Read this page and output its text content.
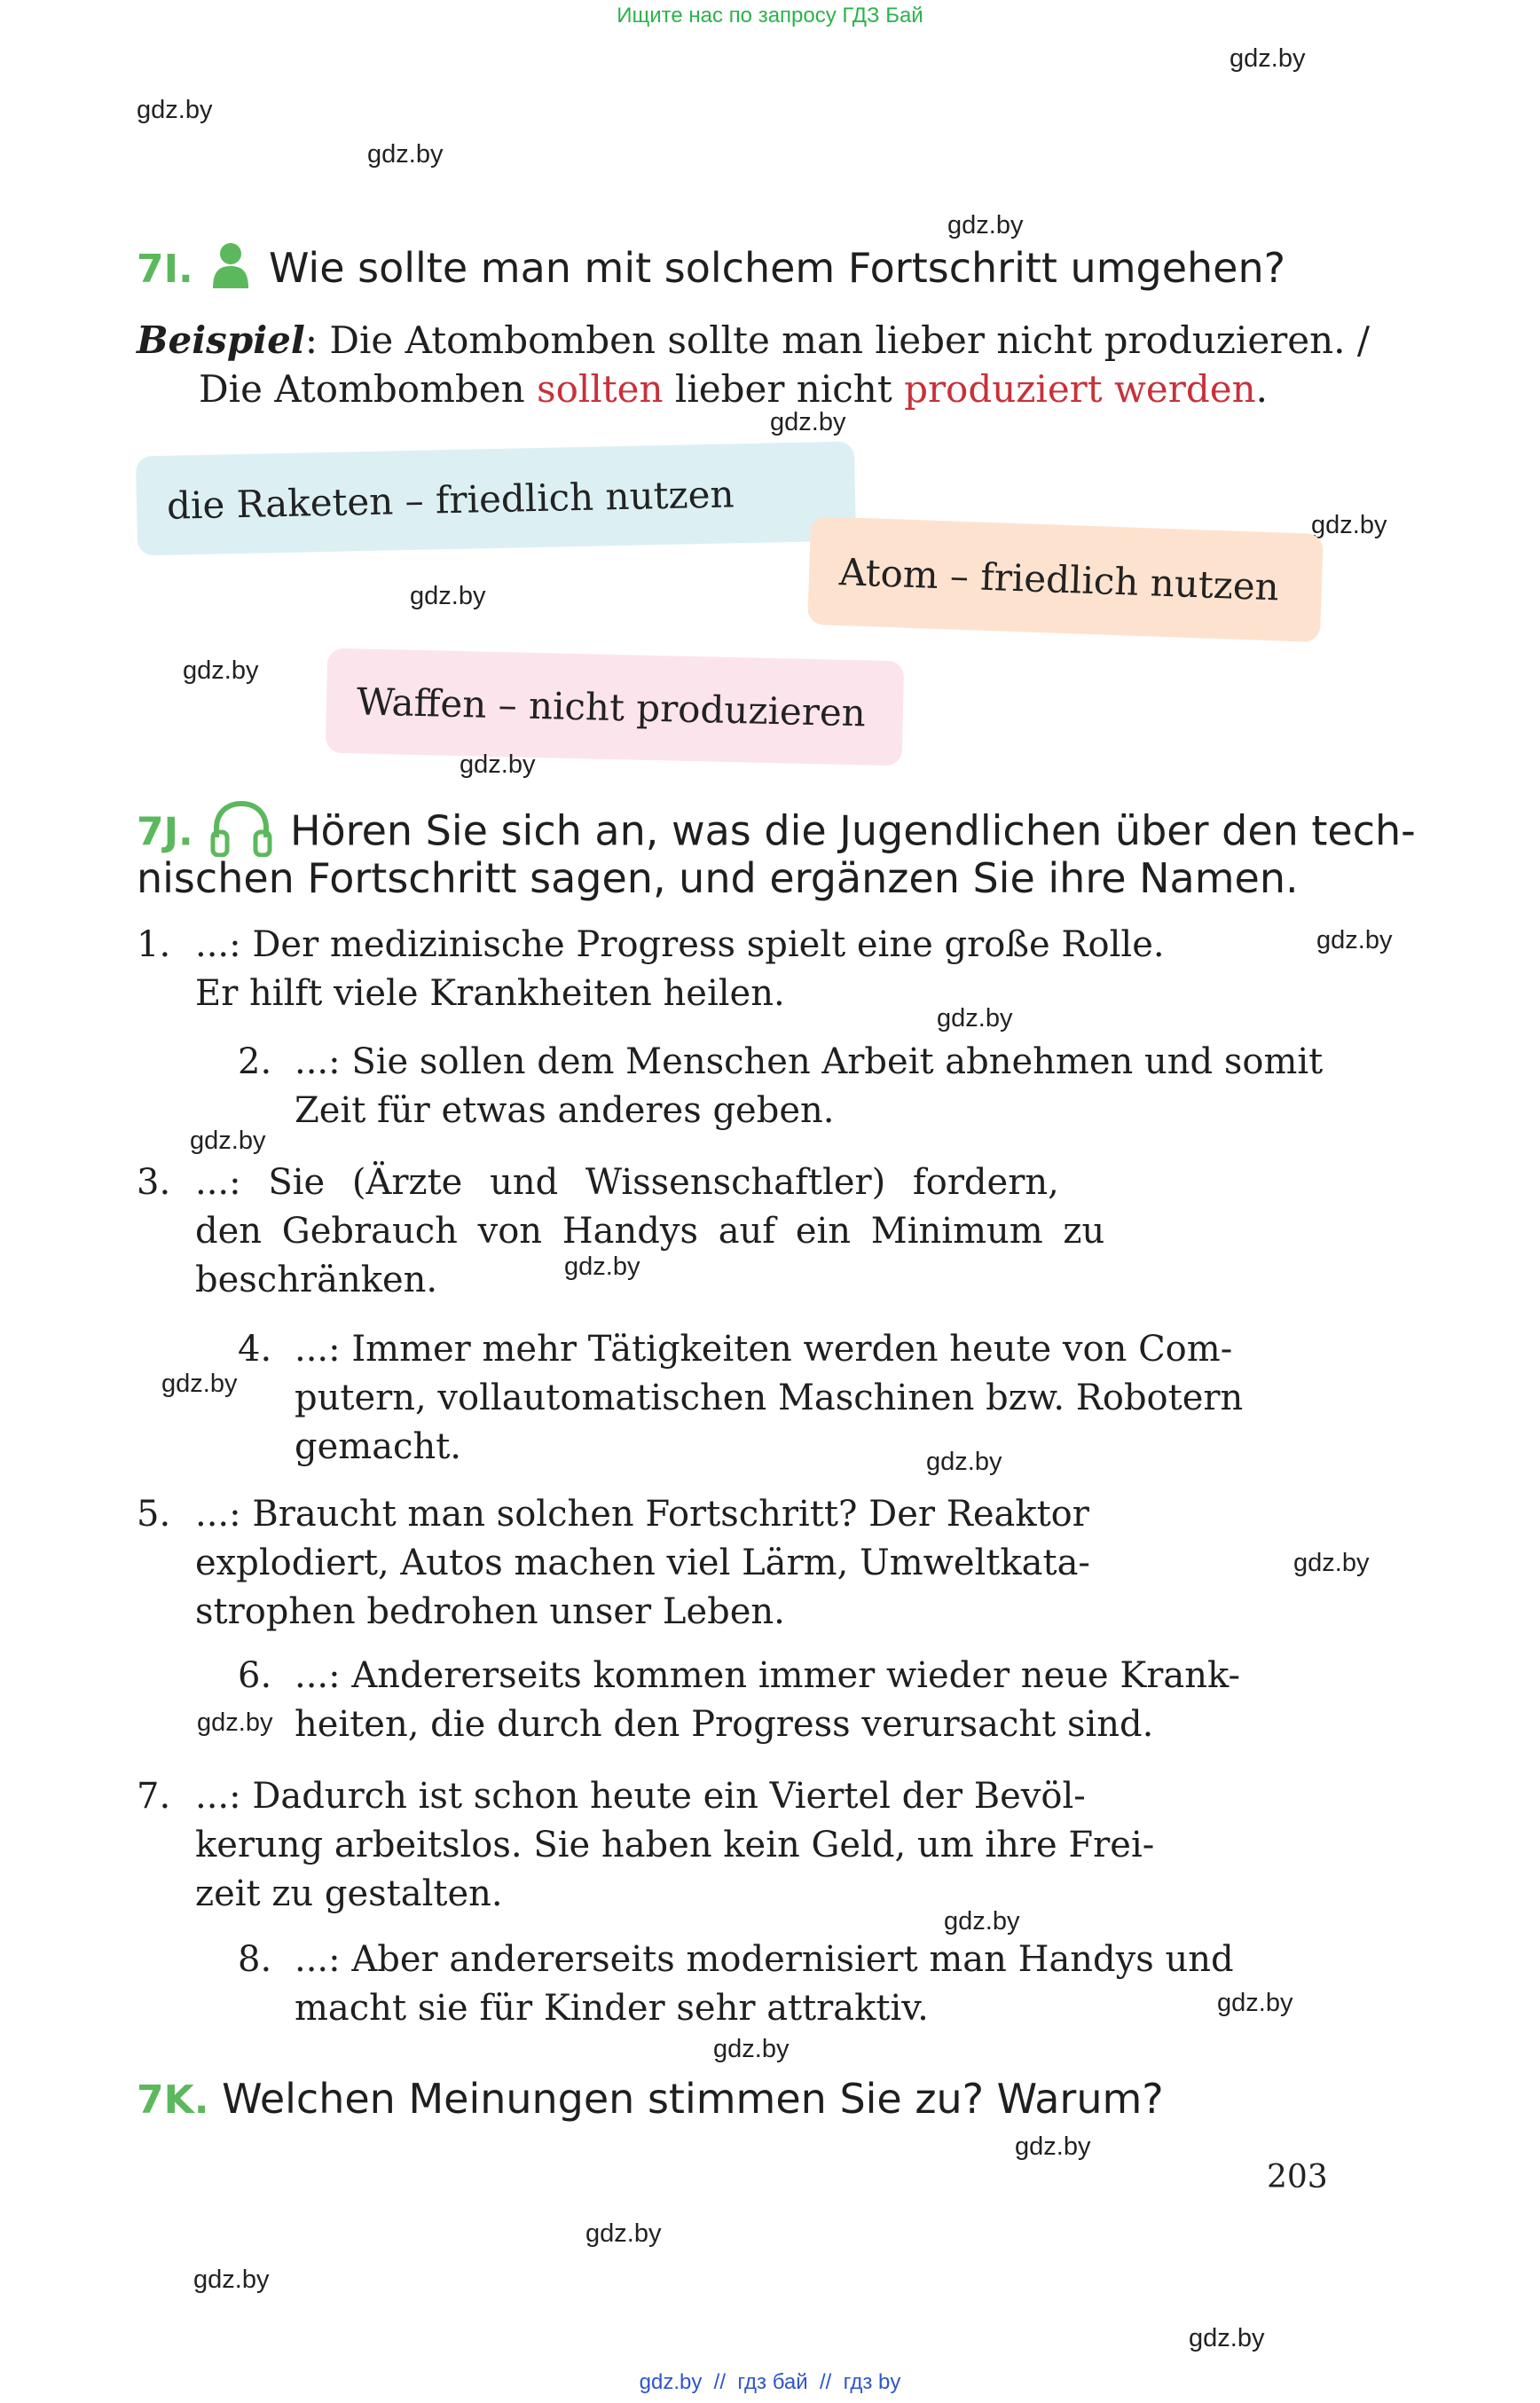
Ищите нас по запросу ГДЗ Бай
gdz.by
gdz.by
gdz.by
gdz.by
7I. Wie sollte man mit solchem Fortschritt umgehen?
Beispiel: Die Atombomben sollte man lieber nicht produzieren. /
Die Atombomben sollten lieber nicht produziert werden.
gdz.by
die Raketen – friedlich nutzen	gdz.by
Atom – friedlich nutzen
gdz.by
gdz.by
Waffen – nicht produzieren
gdz.by
7J. Hören Sie sich an, was die Jugendlichen über den tech-
nischen Fortschritt sagen, und ergänzen Sie ihre Namen.
gdz.by
1. ...: Der medizinische Progress spielt eine große Rolle.
Er hilft viele Krankheiten heilen.
gdz.by
2. ...: Sie sollen dem Menschen Arbeit abnehmen und somit
Zeit für etwas anderes geben.
gdz.by
3. ...: Sie (Ärzte und Wissenschaftler) fordern,
den Gebrauch von Handys auf ein Minimum zu
beschränken.	gdz.by
4. ...: Immer mehr Tätigkeiten werden heute von Com-
putern, vollautomatischen Maschinen bzw. Robotern
gemacht.
gdz.by
gdz.by
5. ...: Braucht man solchen Fortschritt? Der Reaktor
explodiert, Autos machen viel Lärm, Umweltkata-
strophen bedrohen unser Leben.
gdz.by
6. ...: Andererseits kommen immer wieder neue Krank-
heiten, die durch den Progress verursacht sind.
gdz.by
7. ...: Dadurch ist schon heute ein Viertel der Bevöl-
kerung arbeitslos. Sie haben kein Geld, um ihre Frei-
zeit zu gestalten.
gdz.by
8. ...: Aber andererseits modernisiert man Handys und
macht sie für Kinder sehr attraktiv.	gdz.by
gdz.by
7K. Welchen Meinungen stimmen Sie zu? Warum?
gdz.by
203
gdz.by
gdz.by
gdz.by
gdz.by  //  гдз бай  //  гдз by
